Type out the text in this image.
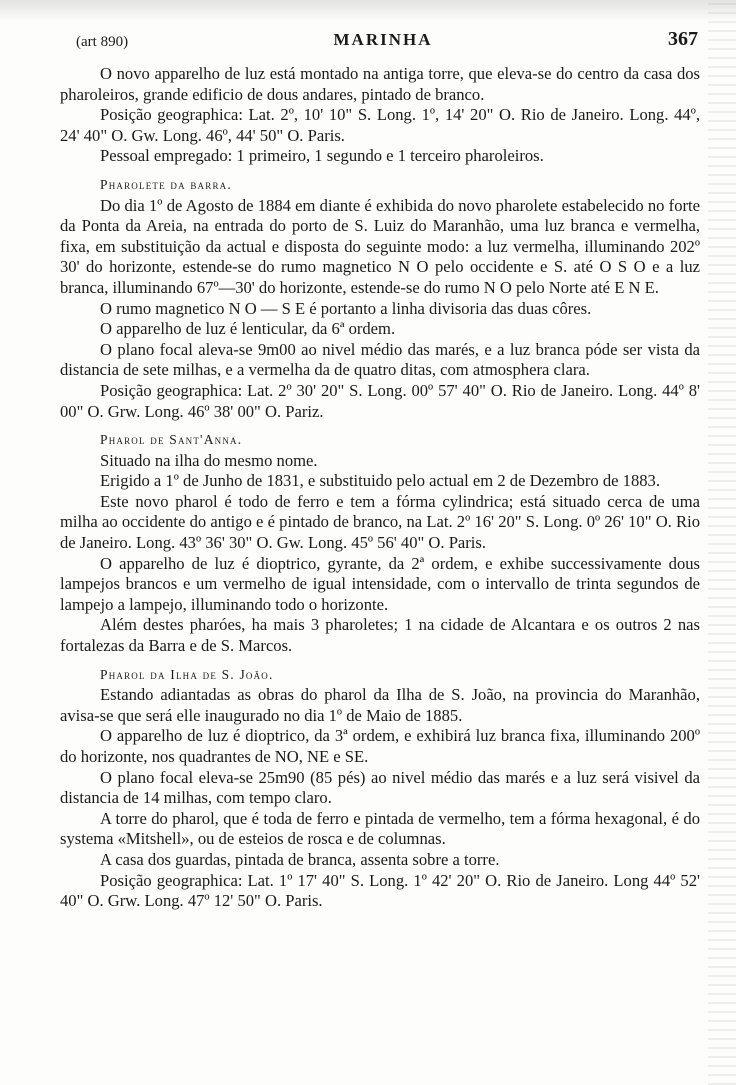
(art 890)	MARINHA	367

O novo apparelho de luz está montado na antiga torre, que eleva-se do centro da casa dos pharoleiros, grande edificio de dous andares, pintado de branco.

Posição geographica: Lat. 2º, 10' 10" S. Long. 1º, 14' 20" O. Rio de Janeiro. Long. 44º, 24' 40" O. Gw. Long. 46º, 44' 50" O. Paris.

Pessoal empregado: 1 primeiro, 1 segundo e 1 terceiro pharoleiros.

Pharolete da barra.

Do dia 1º de Agosto de 1884 em diante é exhibida do novo pharolete estabelecido no forte da Ponta da Areia, na entrada do porto de S. Luiz do Maranhão, uma luz branca e vermelha, fixa, em substituição da actual e disposta do seguinte modo: a luz vermelha, illuminando 202º 30' do horizonte, estende-se do rumo magnetico N O pelo occidente e S. até O S O e a luz branca, illuminando 67º—30' do horizonte, estende-se do rumo N O pelo Norte até E N E.

O rumo magnetico N O — S E é portanto a linha divisoria das duas côres.

O apparelho de luz é lenticular, da 6ª ordem.

O plano focal aleva-se 9m00 ao nivel médio das marés, e a luz branca póde ser vista da distancia de sete milhas, e a vermelha da de quatro ditas, com atmosphera clara.

Posição geographica: Lat. 2º 30' 20" S. Long. 00º 57' 40" O. Rio de Janeiro. Long. 44º 8' 00" O. Grw. Long. 46º 38' 00" O. Pariz.

Pharol de Sant'Anna.

Situado na ilha do mesmo nome.

Erigido a 1º de Junho de 1831, e substituido pelo actual em 2 de Dezembro de 1883.

Este novo pharol é todo de ferro e tem a fórma cylindrica; está situado cerca de uma milha ao occidente do antigo e é pintado de branco, na Lat. 2º 16' 20" S. Long. 0º 26' 10" O. Rio de Janeiro. Long. 43º 36' 30" O. Gw. Long. 45º 56' 40" O. Paris.

O apparelho de luz é dioptrico, gyrante, da 2ª ordem, e exhibe successivamente dous lampejos brancos e um vermelho de igual intensidade, com o intervallo de trinta segundos de lampejo a lampejo, illuminando todo o horizonte.

Além destes pharóes, ha mais 3 pharoletes; 1 na cidade de Alcantara e os outros 2 nas fortalezas da Barra e de S. Marcos.

Pharol da Ilha de S. João.

Estando adiantadas as obras do pharol da Ilha de S. João, na provincia do Maranhão, avisa-se que será elle inaugurado no dia 1º de Maio de 1885.

O apparelho de luz é dioptrico, da 3ª ordem, e exhibirá luz branca fixa, illuminando 200º do horizonte, nos quadrantes de NO, NE e SE.

O plano focal eleva-se 25m90 (85 pés) ao nivel médio das marés e a luz será visivel da distancia de 14 milhas, com tempo claro.

A torre do pharol, que é toda de ferro e pintada de vermelho, tem a fórma hexagonal, é do systema «Mitshell», ou de esteios de rosca e de columnas.

A casa dos guardas, pintada de branca, assenta sobre a torre.

Posição geographica: Lat. 1º 17' 40" S. Long. 1º 42' 20" O. Rio de Janeiro. Long 44º 52' 40" O. Grw. Long. 47º 12' 50" O. Paris.
